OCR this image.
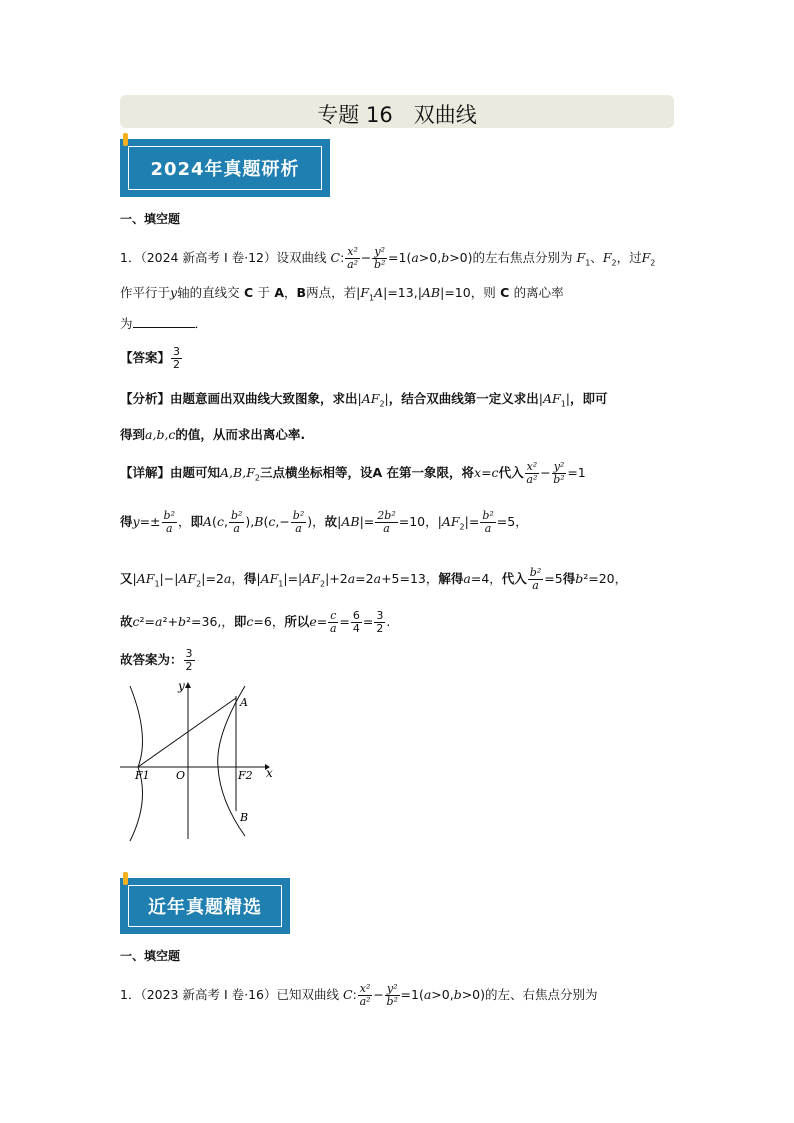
专题 16　双曲线
2024年真题研析
一、填空题
1．（2024 新高考 I 卷·12）设双曲线 C: $\frac{\text{x²}}{\text{a²}} - \frac{\text{y²}}{\text{b²}} =1(a>0,b>0)$的左右焦点分别为 $F_1$、$F_2$，过$F_2$
作平行于y轴的直线交 C 于 A，B两点，若$|F_1A|=13,|AB|=10$，则 C 的离心率
为	．
【答案】 $\frac{3}{2}$
【分析】由题意画出双曲线大致图象，求出$|AF_2|$，结合双曲线第一定义求出$|AF_1|$，即可
得到a,b,c的值，从而求出离心率.
【详解】由题可知$A,B,F_2$三点横坐标相等，设A 在第一象限，将x=c代入 $\frac{\text{x²}}{\text{a²}} - \frac{\text{y²}}{\text{b²}} =1$
得$y=\pm \frac{\text{b²}}{a}$ ，即A(c, $\frac{\text{b²}}{a} ),B(c,- \frac{\text{b²}}{a}$ )，故$|AB|= \frac{\text{2b²}}{a} =10$，$|AF_2|= \frac{\text{b²}}{a} =5$，
又$|AF_1|-|AF_2|=2a$，得$|AF_1|=|AF_2|+2a=2a+5=13$，解得a=4，代入 $\frac{\text{b²}}{a} =5$得b²=20，
故c²=a²+b²=36,，即c=6，所以$e= \frac{c}{a} = \frac{6}{4} = \frac{3}{2}$ .
故答案为： $\frac{3}{2}$
y
A
O
F1	F2 x
B
近年真题精选
一、填空题
1．（2023 新高考 I 卷·16）已知双曲线 C: $\frac{\text{x²}}{\text{a²}} - \frac{\text{y²}}{\text{b²}} =1(a>0,b>0)$的左、右焦点分别为
